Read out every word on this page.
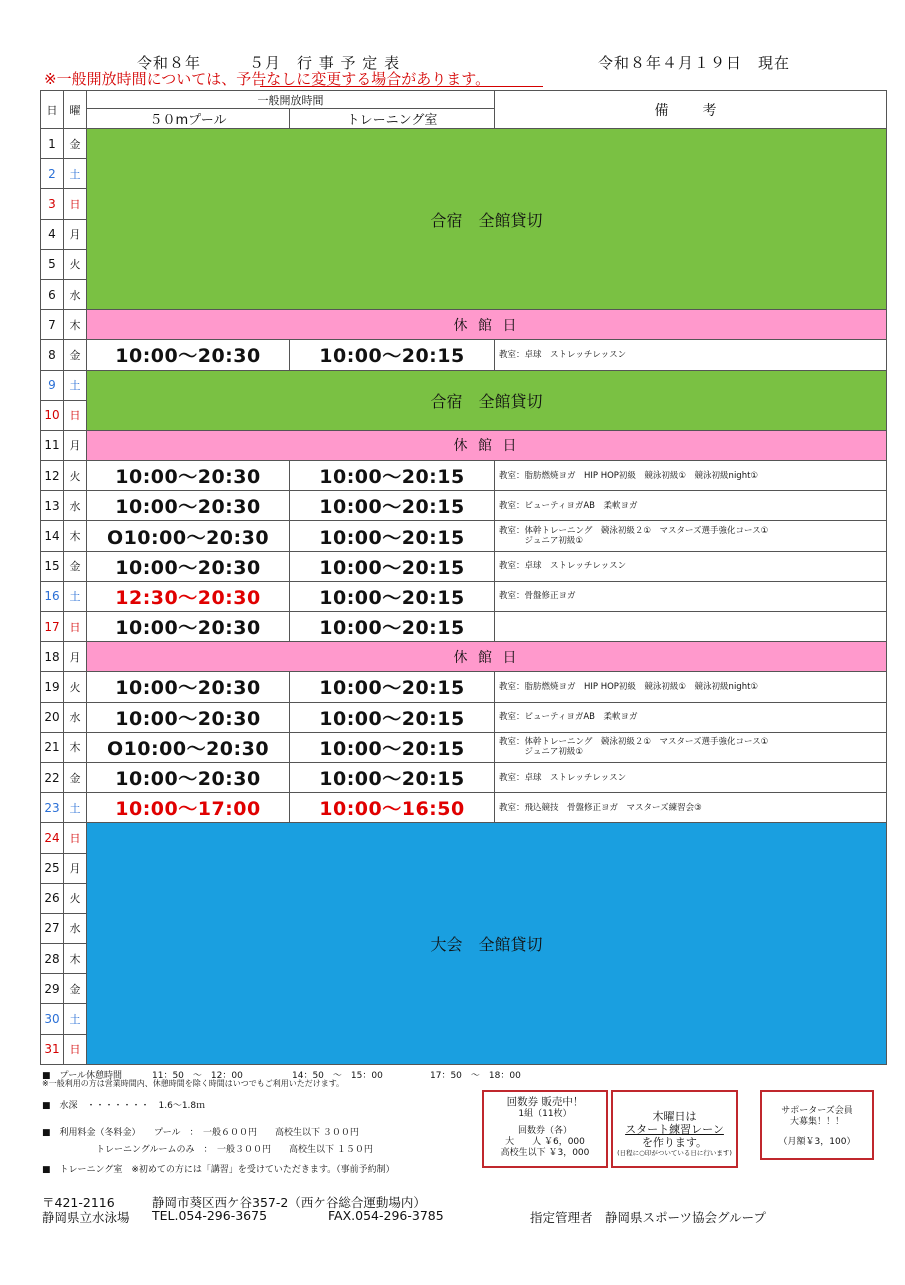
令和８年　　　５月　行 事 予 定 表	令和８年４月１９日　現在
※一般開放時間については、予告なしに変更する場合があります。
日	曜	一般開放時間		備　考
		５０mプール	トレーニング室	
1	金	合宿　全館貸切		
2	土			
3	日			
4	月			
5	火			
6	水			
7	木	休 館 日		
8	金	10:00～20:30	10:00～20:15	教室：卓球　ストレッチレッスン
9	土	合宿　全館貸切		
10	日			
11	月	休 館 日		
12	火	10:00～20:30	10:00～20:15	教室：脂肪燃焼ヨガ　HIP HOP初級　競泳初級①　競泳初級night①
13	水	10:00～20:30	10:00～20:15	教室：ビューティヨガAB　柔軟ヨガ
14	木	O10:00～20:30	10:00～20:15	教室：体幹トレーニング　競泳初級２①　マスターズ選手強化コース①
　　　ジュニア初級①
15	金	10:00～20:30	10:00～20:15	教室：卓球　ストレッチレッスン
16	土	12:30～20:30	10:00～20:15	教室：骨盤修正ヨガ
17	日	10:00～20:30	10:00～20:15	
18	月	休 館 日		
19	火	10:00～20:30	10:00～20:15	教室：脂肪燃焼ヨガ　HIP HOP初級　競泳初級①　競泳初級night①
20	水	10:00～20:30	10:00～20:15	教室：ビューティヨガAB　柔軟ヨガ
21	木	O10:00～20:30	10:00～20:15	教室：体幹トレーニング　競泳初級２①　マスターズ選手強化コース①
　　　ジュニア初級①
22	金	10:00～20:30	10:00～20:15	教室：卓球　ストレッチレッスン
23	土	10:00～17:00	10:00～16:50	教室：飛込競技　骨盤修正ヨガ　マスターズ練習会③
24	日	大会　全館貸切		
25	月			
26	火			
27	水			
28	木			
29	金			
30	土			
31	日			
■　プール休憩時間	11：50　～　12：00	14：50　～　15：00	17：50　～　18：00
※一般利用の方は営業時間内、休憩時間を除く時間はいつでもご利用いただけます。
■　水深　・・・・・・・　1.6～1.8ｍ
■　利用料金（冬料金）　　プール　：　一般６００円　　高校生以下 ３００円
　　　　　　トレーニングルームのみ　：　一般３００円　　高校生以下 １５０円
■　トレーニング室　※初めての方には「講習」を受けていただきます。（事前予約制）
回数券 販売中！
1組（11枚）
回数券（各）
大　　人 ￥6，000
高校生以下 ￥3，000
木曜日は
スタート練習レーン
を作ります。
(日程に○印がついている日に行います)
サポーターズ会員
大募集！！！
（月額￥3，100）
〒421-2116
静岡県立水泳場
静岡市葵区西ケ谷357-2（西ケ谷総合運動場内）
TEL.054-296-3675	FAX.054-296-3785	指定管理者　静岡県スポーツ協会グループ
